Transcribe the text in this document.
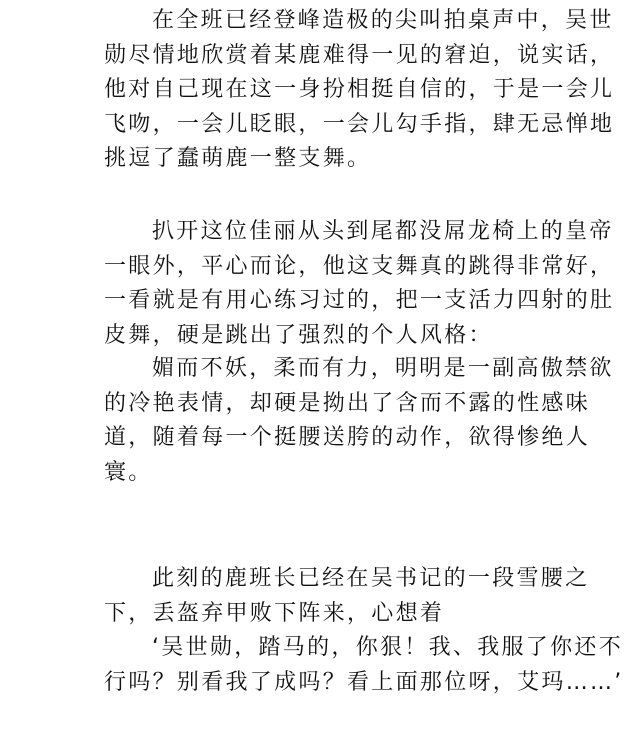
在全班已经登峰造极的尖叫拍桌声中，吴世勋尽情地欣赏着某鹿难得一见的窘迫，说实话，他对自己现在这一身扮相挺自信的，于是一会儿飞吻，一会儿眨眼，一会儿勾手指，肆无忌惮地挑逗了蠢萌鹿一整支舞。

扒开这位佳丽从头到尾都没屌龙椅上的皇帝一眼外，平心而论，他这支舞真的跳得非常好，一看就是有用心练习过的，把一支活力四射的肚皮舞，硬是跳出了强烈的个人风格：

媚而不妖，柔而有力，明明是一副高傲禁欲的冷艳表情，却硬是拗出了含而不露的性感味道，随着每一个挺腰送胯的动作，欲得惨绝人寰。

此刻的鹿班长已经在吴书记的一段雪腰之下，丢盔弃甲败下阵来，心想着

‘吴世勋，踏马的，你狠！我、我服了你还不行吗？别看我了成吗？看上面那位呀，艾玛……’
